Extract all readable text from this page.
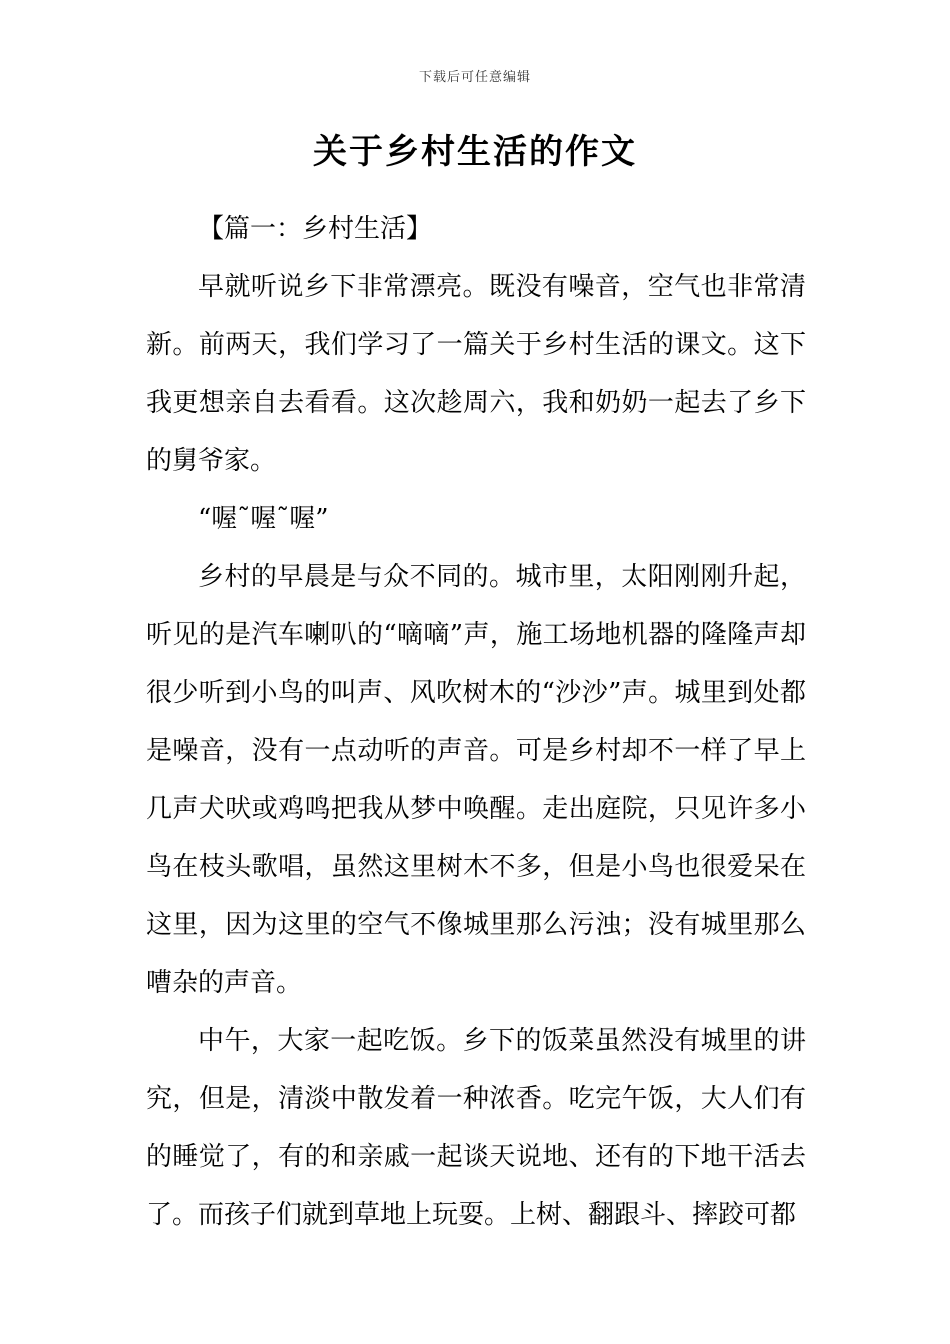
下载后可任意编辑
关于乡村生活的作文

【篇一：乡村生活】

早就听说乡下非常漂亮。既没有噪音，空气也非常清新。前两天，我们学习了一篇关于乡村生活的课文。这下我更想亲自去看看。这次趁周六，我和奶奶一起去了乡下的舅爷家。

“喔˜喔˜喔”

乡村的早晨是与众不同的。城市里，太阳刚刚升起，听见的是汽车喇叭的“嘀嘀”声，施工场地机器的隆隆声却很少听到小鸟的叫声、风吹树木的“沙沙”声。城里到处都是噪音，没有一点动听的声音。可是乡村却不一样了早上几声犬吠或鸡鸣把我从梦中唤醒。走出庭院，只见许多小鸟在枝头歌唱，虽然这里树木不多，但是小鸟也很爱呆在这里，因为这里的空气不像城里那么污浊；没有城里那么嘈杂的声音。

中午，大家一起吃饭。乡下的饭菜虽然没有城里的讲究，但是，清淡中散发着一种浓香。吃完午饭，大人们有的睡觉了，有的和亲戚一起谈天说地、还有的下地干活去了。而孩子们就到草地上玩耍。上树、翻跟斗、摔跤可都
